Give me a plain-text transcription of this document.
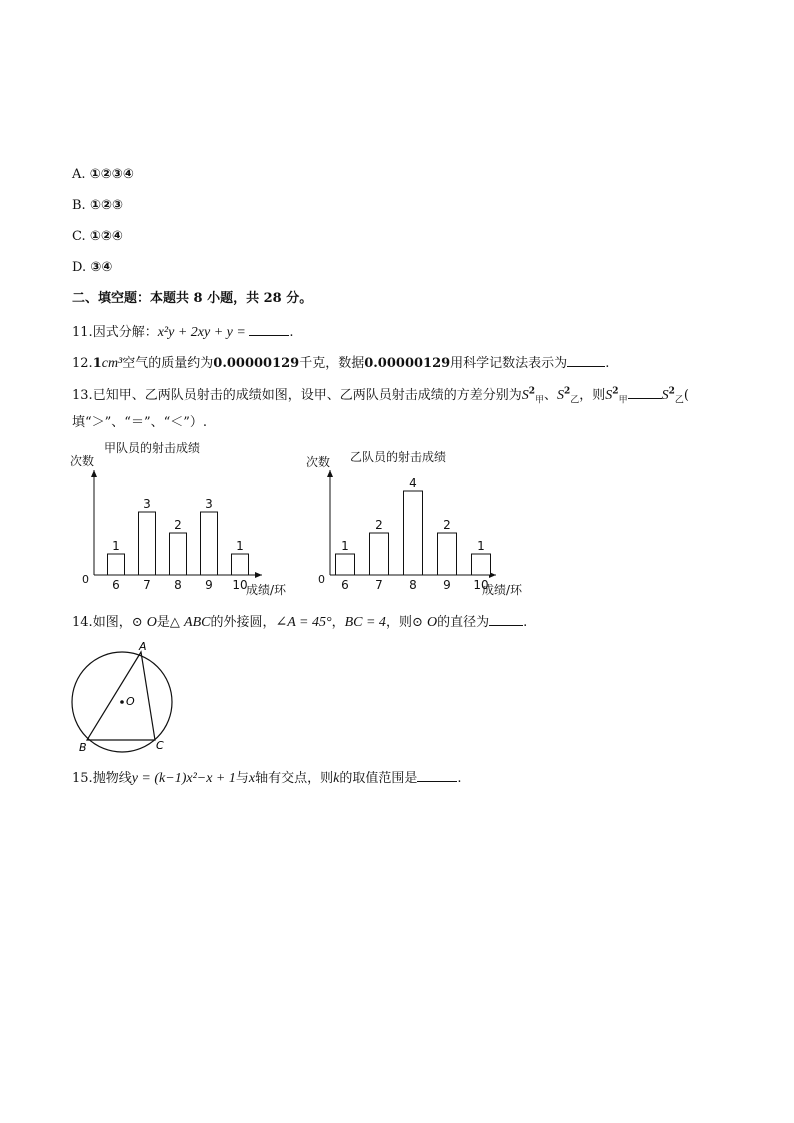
A. ①②③④
B. ①②③
C. ①②④
D. ③④
二、填空题：本题共 8 小题，共 28 分。
11.因式分解：x²y + 2xy + y =	.
12.1cm³空气的质量约为0.00000129千克，数据0.00000129用科学记数法表示为	.
13.已知甲、乙两队员射击的成绩如图，设甲、乙两队员射击成绩的方差分别为$S^2_甲$、$S^2_乙$，则$S^2_甲$ $S^2_乙$(
填“＞”、“＝”、“＜”）.
甲队员的射击成绩
次数
0
成绩/环
1
6
3
7
2
8
3
9
1
10
乙队员的射击成绩
次数
0
成绩/环
1
6
2
7
4
8
2
9
1
10
14.如图，⊙ O是△ ABC的外接圆，∠A = 45°，BC = 4，则⊙ O的直径为	.
O
A
B	C
15.抛物线y = (k−1)x²−x + 1与x轴有交点，则k的取值范围是	.
